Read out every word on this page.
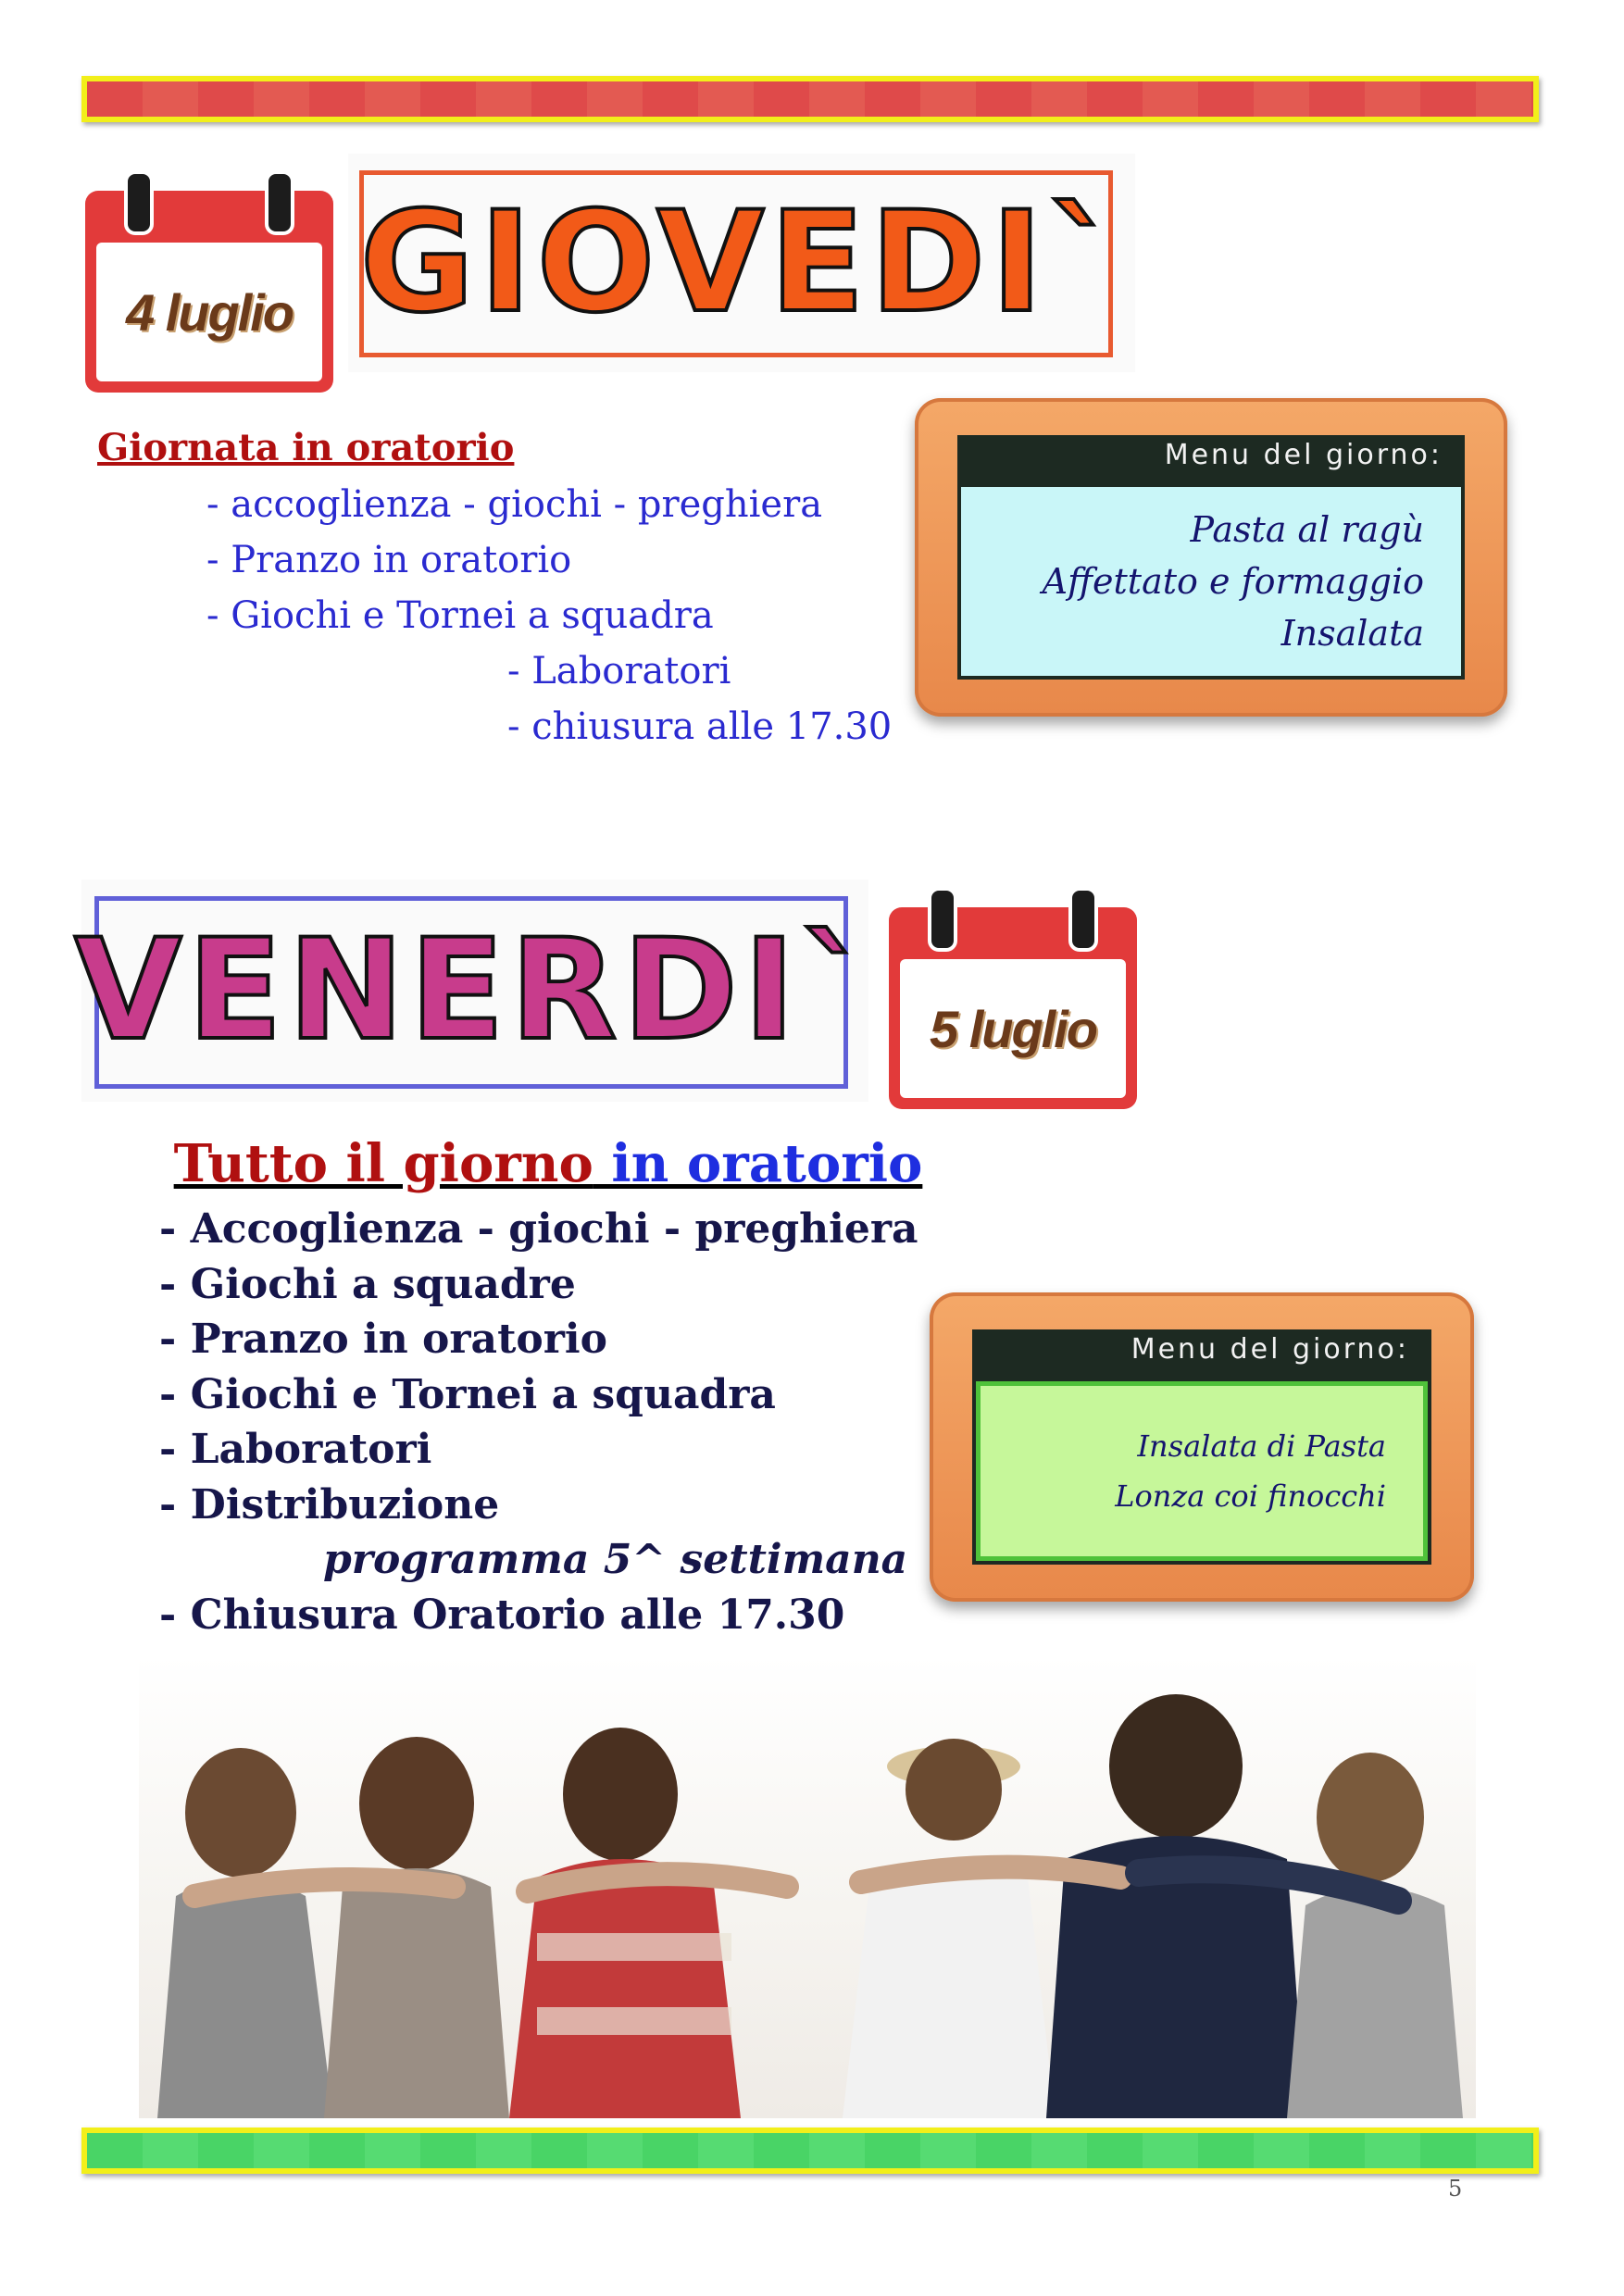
4 luglio GIOVEDI`
Giornata in oratorio
- accoglienza - giochi - preghiera
- Pranzo in oratorio
- Giochi e Tornei a squadra
- Laboratori
- chiusura alle 17.30
Menu del giorno:
Pasta al ragù
Affettato e formaggio
Insalata
VENERDI` 5 luglio
Tutto il giorno in oratorio
- Accoglienza - giochi - preghiera
- Giochi a squadre
- Pranzo in oratorio
- Giochi e Tornei a squadra
- Laboratori
- Distribuzione
programma 5^ settimana
- Chiusura Oratorio alle 17.30
Menu del giorno:
Insalata di Pasta
Lonza coi finocchi
5
